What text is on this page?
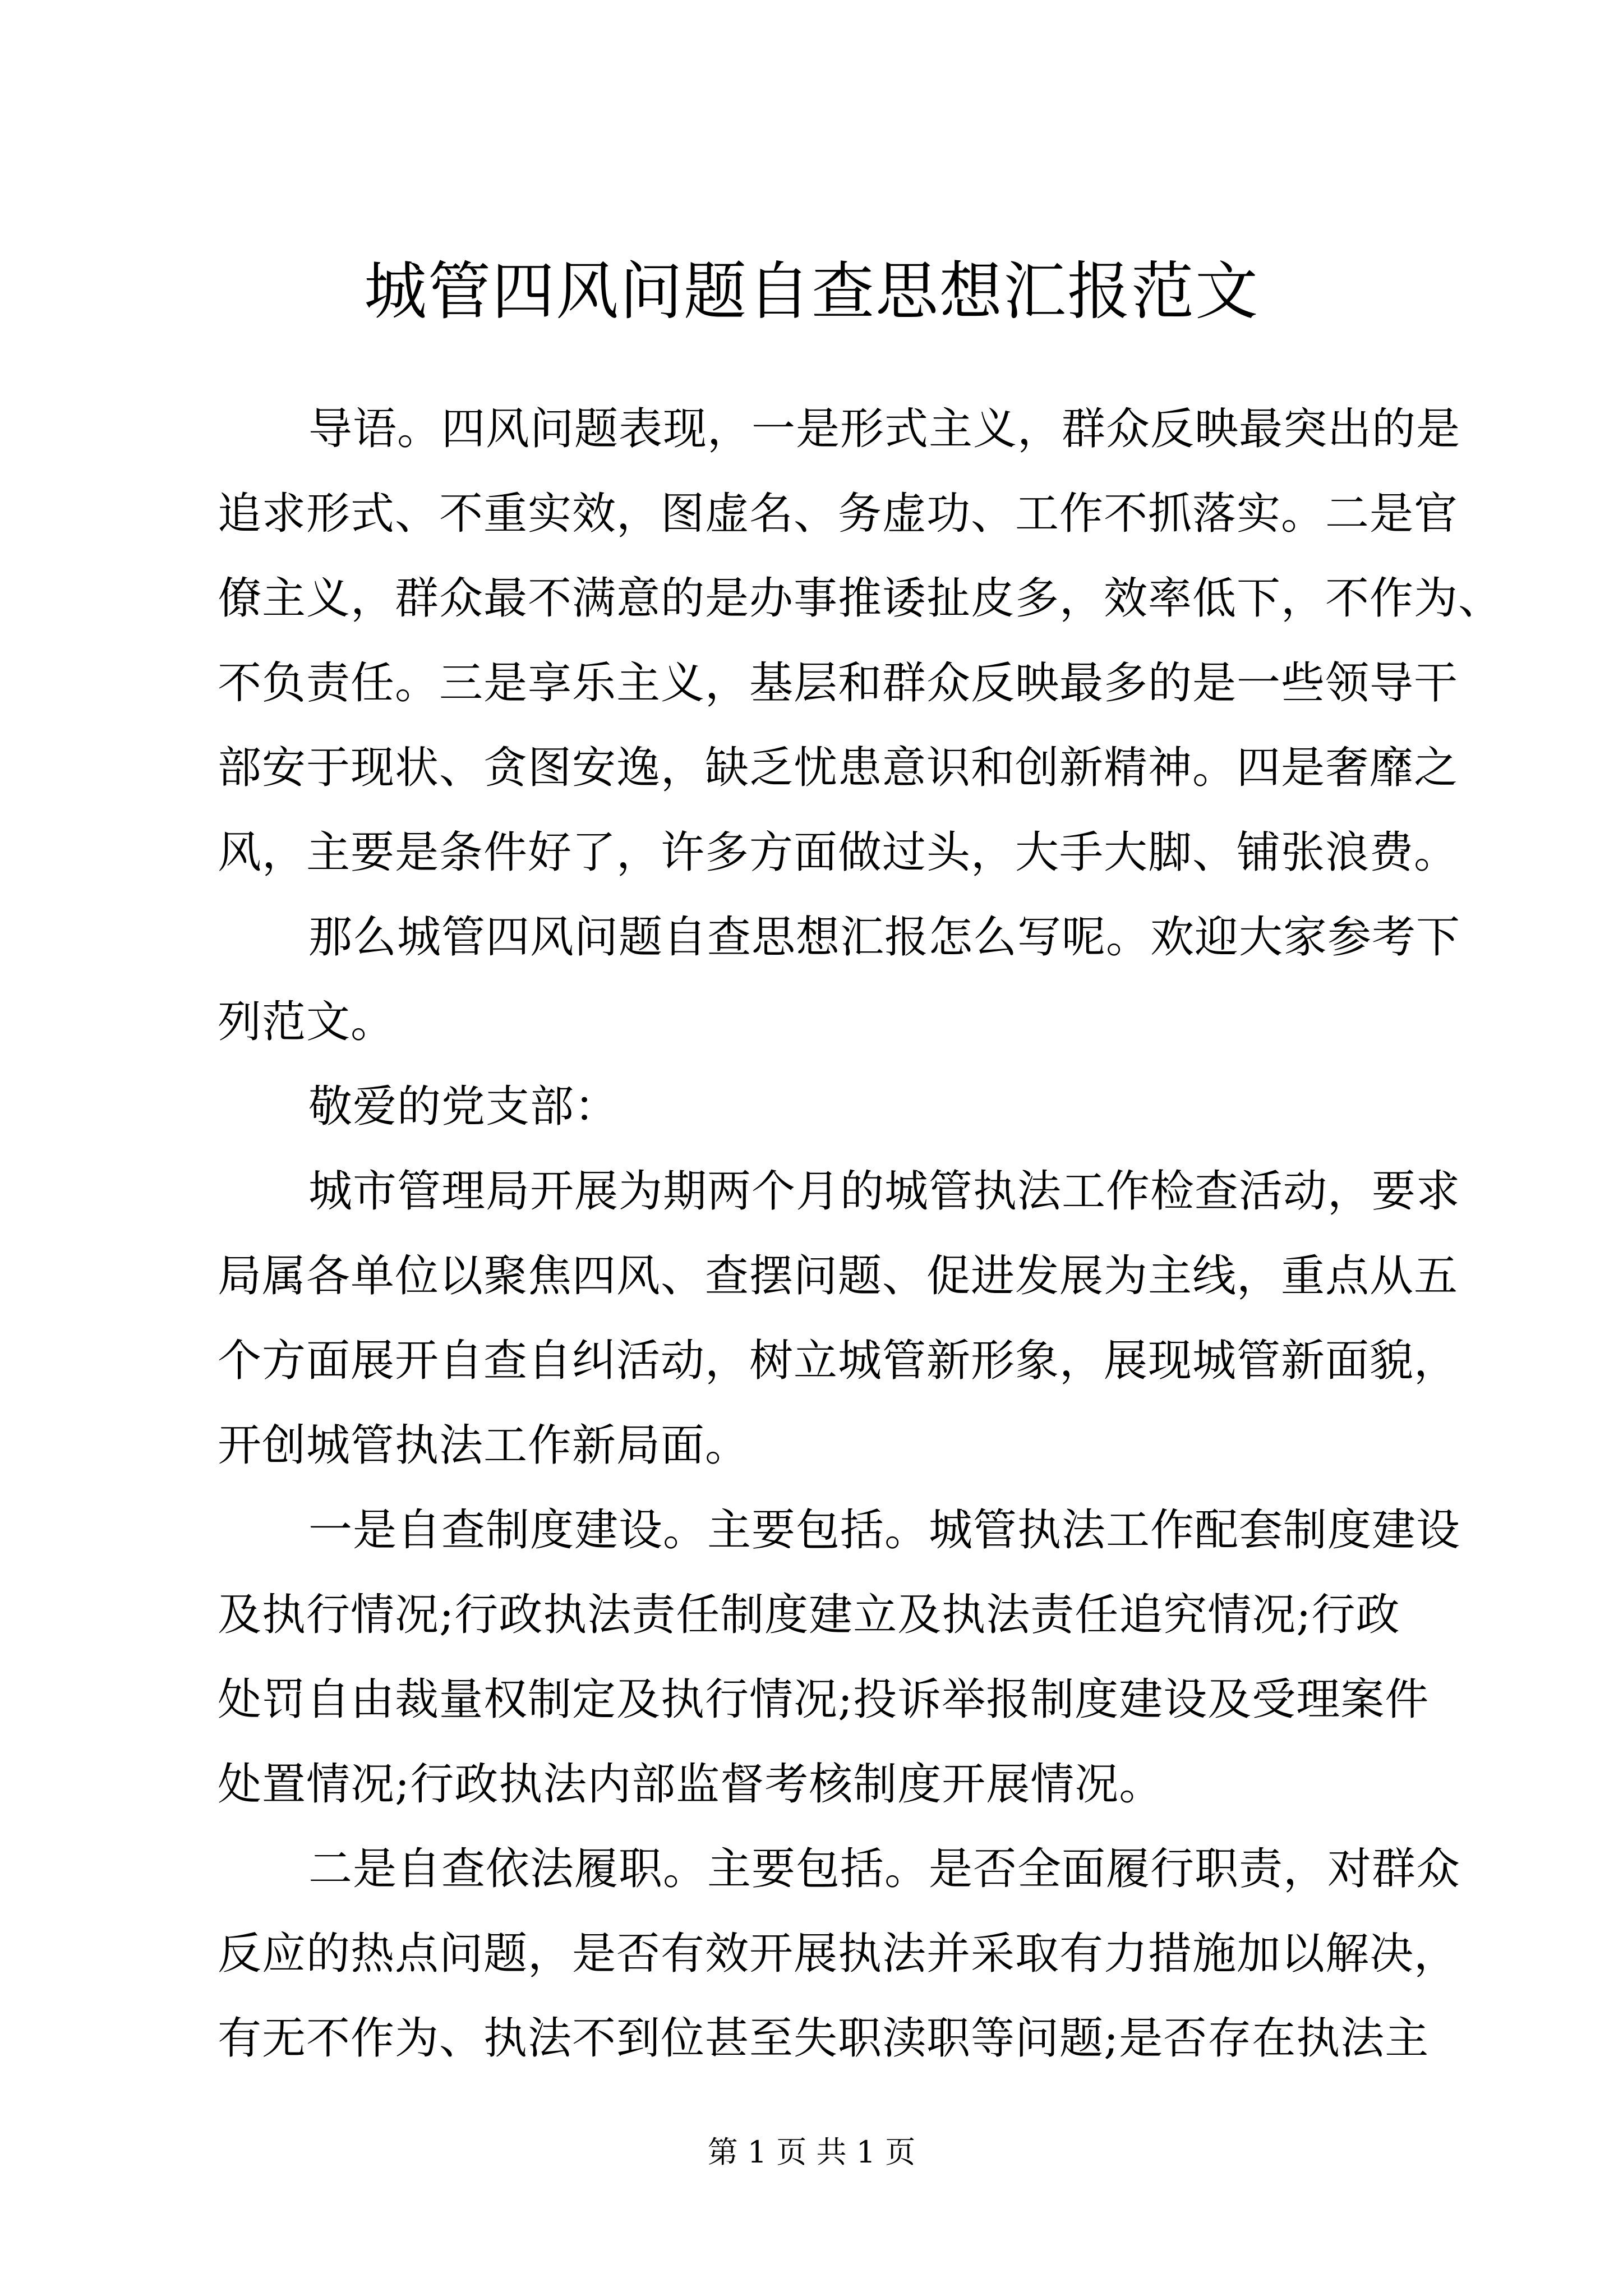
城管四风问题自查思想汇报范文

导语。四风问题表现，一是形式主义，群众反映最突出的是
追求形式、不重实效，图虚名、务虚功、工作不抓落实。二是官
僚主义，群众最不满意的是办事推诿扯皮多，效率低下，不作为、
不负责任。三是享乐主义，基层和群众反映最多的是一些领导干
部安于现状、贪图安逸，缺乏忧患意识和创新精神。四是奢靡之
风，主要是条件好了，许多方面做过头，大手大脚、铺张浪费。

那么城管四风问题自查思想汇报怎么写呢。欢迎大家参考下
列范文。

敬爱的党支部：

城市管理局开展为期两个月的城管执法工作检查活动，要求
局属各单位以聚焦四风、查摆问题、促进发展为主线，重点从五
个方面展开自查自纠活动，树立城管新形象，展现城管新面貌，
开创城管执法工作新局面。

一是自查制度建设。主要包括。城管执法工作配套制度建设
及执行情况;行政执法责任制度建立及执法责任追究情况;行政
处罚自由裁量权制定及执行情况;投诉举报制度建设及受理案件
处置情况;行政执法内部监督考核制度开展情况。

二是自查依法履职。主要包括。是否全面履行职责，对群众
反应的热点问题，是否有效开展执法并采取有力措施加以解决，
有无不作为、执法不到位甚至失职渎职等问题;是否存在执法主

第 1 页 共 1 页
